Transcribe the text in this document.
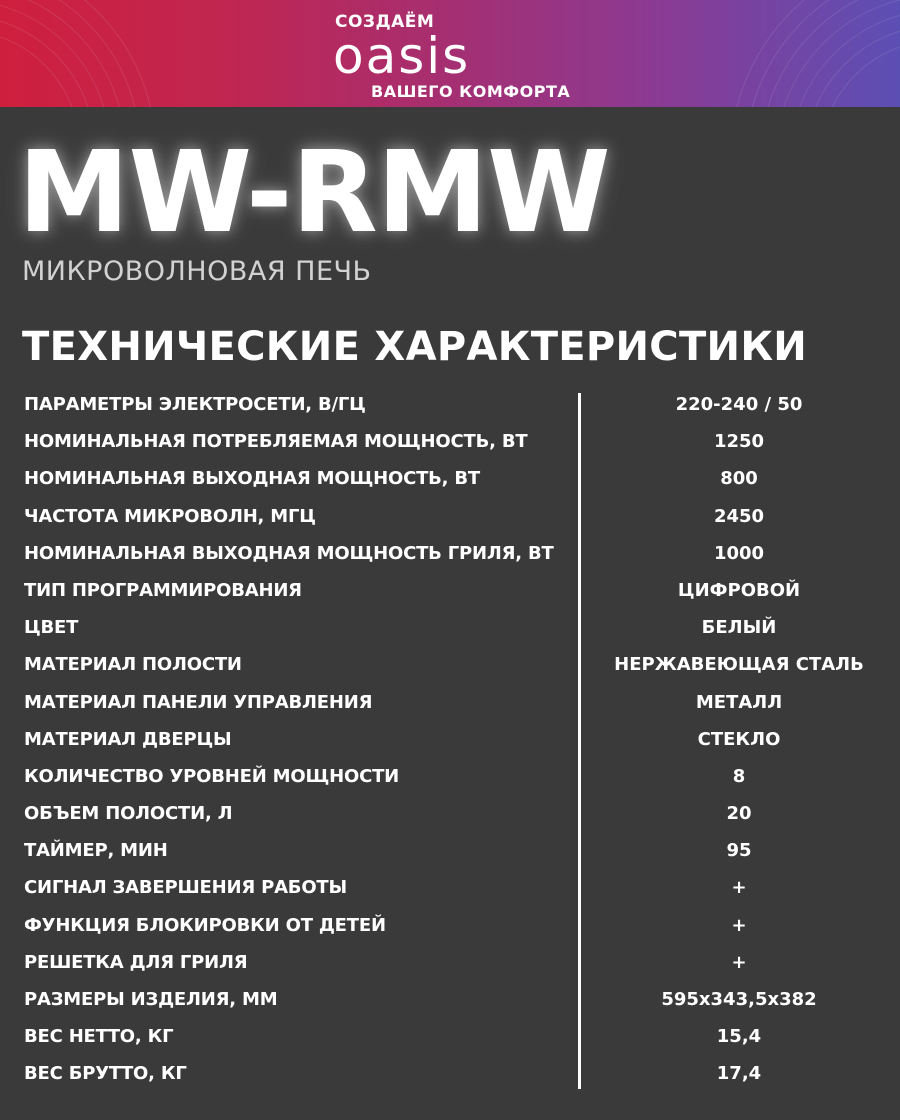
СОЗДАЁМ
oasis
ВАШЕГО КОМФОРТА
MW-RMW
МИКРОВОЛНОВАЯ ПЕЧЬ
ТЕХНИЧЕСКИЕ ХАРАКТЕРИСТИКИ
ПАРАМЕТРЫ ЭЛЕКТРОСЕТИ, В/ГЦ	220-240 / 50
НОМИНАЛЬНАЯ ПОТРЕБЛЯЕМАЯ МОЩНОСТЬ, ВТ	1250
НОМИНАЛЬНАЯ ВЫХОДНАЯ МОЩНОСТЬ, ВТ	800
ЧАСТОТА МИКРОВОЛН, МГЦ	2450
НОМИНАЛЬНАЯ ВЫХОДНАЯ МОЩНОСТЬ ГРИЛЯ, ВТ	1000
ТИП ПРОГРАММИРОВАНИЯ	ЦИФРОВОЙ
ЦВЕТ	БЕЛЫЙ
МАТЕРИАЛ ПОЛОСТИ	НЕРЖАВЕЮЩАЯ СТАЛЬ
МАТЕРИАЛ ПАНЕЛИ УПРАВЛЕНИЯ	МЕТАЛЛ
МАТЕРИАЛ ДВЕРЦЫ	СТЕКЛО
КОЛИЧЕСТВО УРОВНЕЙ МОЩНОСТИ	8
ОБЪЕМ ПОЛОСТИ, Л	20
ТАЙМЕР, МИН	95
СИГНАЛ ЗАВЕРШЕНИЯ РАБОТЫ	+
ФУНКЦИЯ БЛОКИРОВКИ ОТ ДЕТЕЙ	+
РЕШЕТКА ДЛЯ ГРИЛЯ	+
РАЗМЕРЫ ИЗДЕЛИЯ, ММ	595x343,5x382
ВЕС НЕТТО, КГ	15,4
ВЕС БРУТТО, КГ	17,4
